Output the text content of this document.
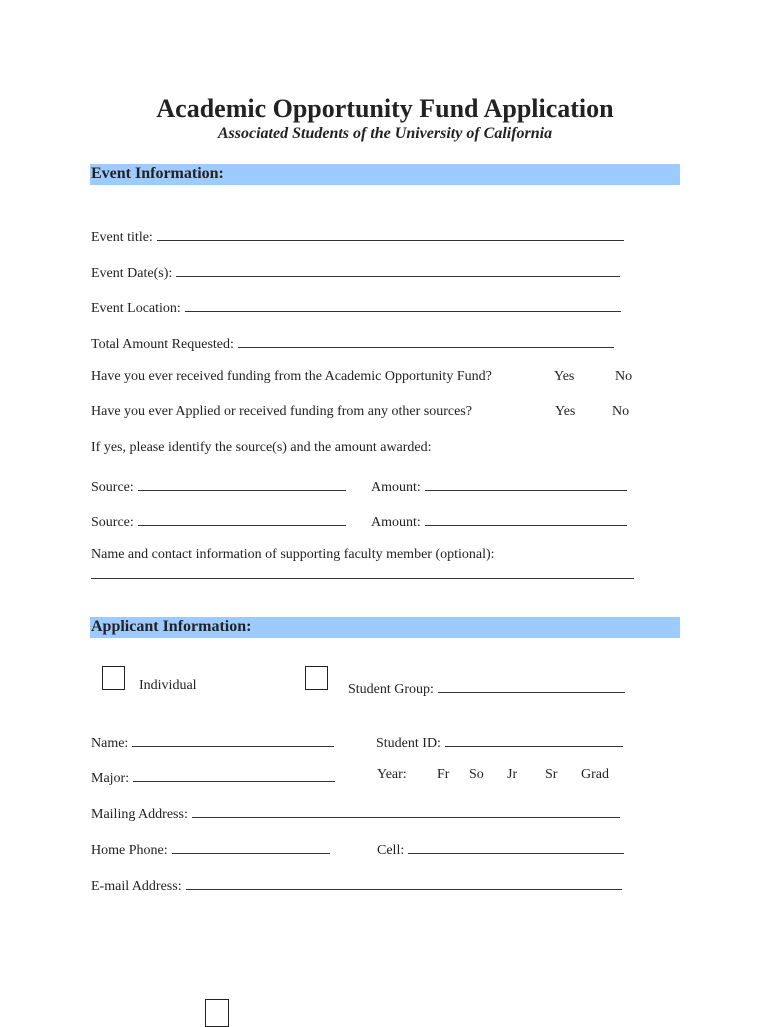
Academic Opportunity Fund Application
Associated Students of the University of California
Event Information:
Event title:
Event Date(s):
Event Location:
Total Amount Requested:
Have you ever received funding from the Academic Opportunity Fund?	Yes	No
Have you ever Applied or received funding from any other sources?	Yes	No
If yes, please identify the source(s) and the amount awarded:
Source:	Amount:
Source:	Amount:
Name and contact information of supporting faculty member (optional):
Applicant Information:
Individual	Student Group:
Name:	Student ID:
Major:	Year: Fr So Jr Sr Grad
Mailing Address:
Home Phone:	Cell:
E-mail Address:
